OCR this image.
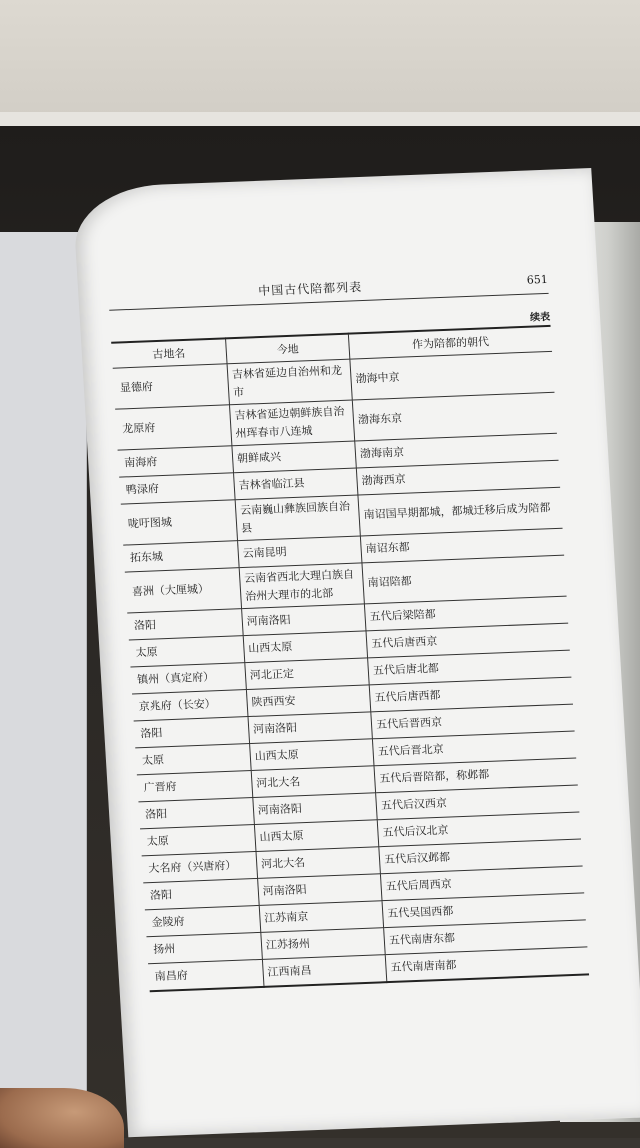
中国古代陪都列表
651
续表
古地名	今地	作为陪都的朝代
显德府	吉林省延边自治州和龙市	渤海中京
龙原府	吉林省延边朝鲜族自治州珲春市八连城	渤海东京
南海府	朝鲜咸兴	渤海南京
鸭渌府	吉林省临江县	渤海西京
咙吁图城	云南巍山彝族回族自治县	南诏国早期都城，都城迁移后成为陪都
拓东城	云南昆明	南诏东都
喜洲（大厘城）	云南省西北大理白族自治州大理市的北部	南诏陪都
洛阳	河南洛阳	五代后梁陪都
太原	山西太原	五代后唐西京
镇州（真定府）	河北正定	五代后唐北都
京兆府（长安）	陕西西安	五代后唐西都
洛阳	河南洛阳	五代后晋西京
太原	山西太原	五代后晋北京
广晋府	河北大名	五代后晋陪都，称邺都
洛阳	河南洛阳	五代后汉西京
太原	山西太原	五代后汉北京
大名府（兴唐府）	河北大名	五代后汉邺都
洛阳	河南洛阳	五代后周西京
金陵府	江苏南京	五代吴国西都
扬州	江苏扬州	五代南唐东都
南昌府	江西南昌	五代南唐南都
